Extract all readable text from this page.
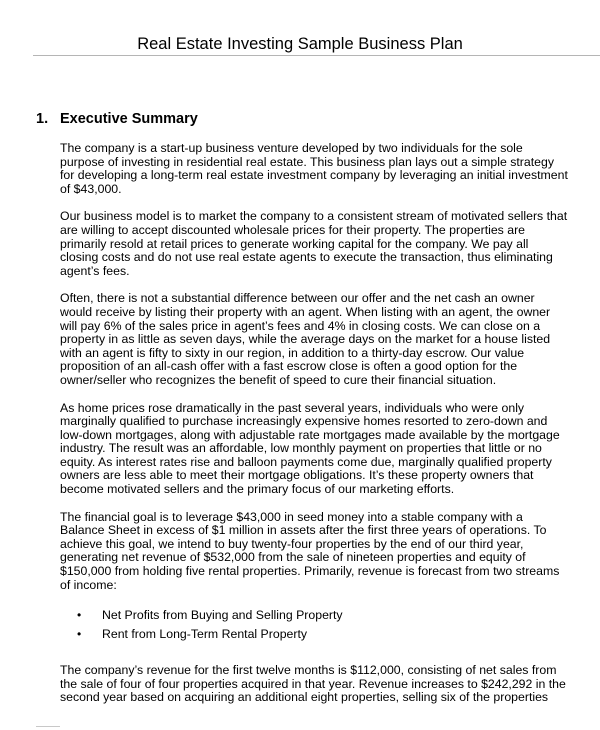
Real Estate Investing Sample Business Plan
1. Executive Summary
The company is a start-up business venture developed by two individuals for the sole
purpose of investing in residential real estate. This business plan lays out a simple strategy
for developing a long-term real estate investment company by leveraging an initial investment
of $43,000.
Our business model is to market the company to a consistent stream of motivated sellers that
are willing to accept discounted wholesale prices for their property. The properties are
primarily resold at retail prices to generate working capital for the company. We pay all
closing costs and do not use real estate agents to execute the transaction, thus eliminating
agent’s fees.
Often, there is not a substantial difference between our offer and the net cash an owner
would receive by listing their property with an agent. When listing with an agent, the owner
will pay 6% of the sales price in agent’s fees and 4% in closing costs. We can close on a
property in as little as seven days, while the average days on the market for a house listed
with an agent is fifty to sixty in our region, in addition to a thirty-day escrow. Our value
proposition of an all-cash offer with a fast escrow close is often a good option for the
owner/seller who recognizes the benefit of speed to cure their financial situation.
As home prices rose dramatically in the past several years, individuals who were only
marginally qualified to purchase increasingly expensive homes resorted to zero-down and
low-down mortgages, along with adjustable rate mortgages made available by the mortgage
industry. The result was an affordable, low monthly payment on properties that little or no
equity. As interest rates rise and balloon payments come due, marginally qualified property
owners are less able to meet their mortgage obligations. It’s these property owners that
become motivated sellers and the primary focus of our marketing efforts.
The financial goal is to leverage $43,000 in seed money into a stable company with a
Balance Sheet in excess of $1 million in assets after the first three years of operations. To
achieve this goal, we intend to buy twenty-four properties by the end of our third year,
generating net revenue of $532,000 from the sale of nineteen properties and equity of
$150,000 from holding five rental properties. Primarily, revenue is forecast from two streams
of income:
• Net Profits from Buying and Selling Property
• Rent from Long-Term Rental Property
The company’s revenue for the first twelve months is $112,000, consisting of net sales from
the sale of four of four properties acquired in that year. Revenue increases to $242,292 in the
second year based on acquiring an additional eight properties, selling six of the properties
